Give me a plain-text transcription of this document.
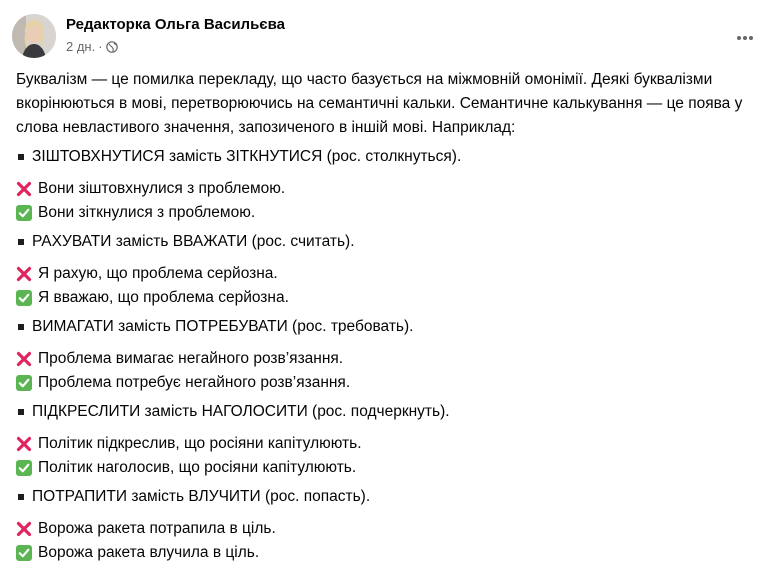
Редакторка Ольга Васильєва
2 дн. ·

Буквалізм — це помилка перекладу, що часто базується на міжмовній омонімії. Деякі буквалізми вкорінюються в мові, перетворюючись на семантичні кальки. Семантичне калькування — це поява у слова невластивого значення, запозиченого в іншій мові. Наприклад:

ЗІШТОВХНУТИСЯ замість ЗІТКНУТИСЯ (рос. столкнуться).
Вони зіштовхнулися з проблемою.
Вони зіткнулися з проблемою.
РАХУВАТИ замість ВВАЖАТИ (рос. считать).
Я рахую, що проблема серйозна.
Я вважаю, що проблема серйозна.
ВИМАГАТИ замість ПОТРЕБУВАТИ (рос. требовать).
Проблема вимагає негайного розв’язання.
Проблема потребує негайного розв’язання.
ПІДКРЕСЛИТИ замість НАГОЛОСИТИ (рос. подчеркнуть).
Політик підкреслив, що росіяни капітулюють.
Політик наголосив, що росіяни капітулюють.
ПОТРАПИТИ замість ВЛУЧИТИ (рос. попасть).
Ворожа ракета потрапила в ціль.
Ворожа ракета влучила в ціль.
